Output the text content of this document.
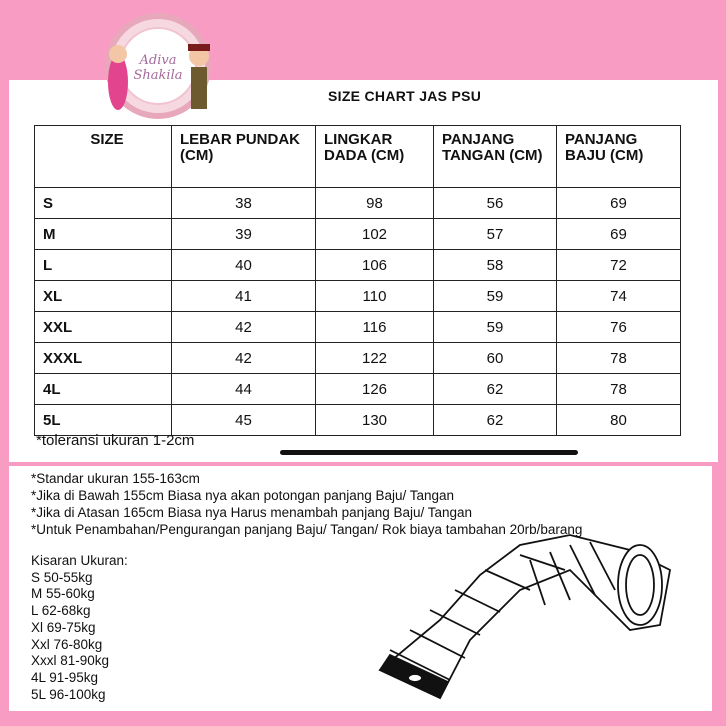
Adiva
Shakila
SIZE CHART JAS PSU
SIZE	LEBAR PUNDAK (CM)	LINGKAR DADA (CM)	PANJANG TANGAN (CM)	PANJANG BAJU (CM)
S	38	98	56	69
M	39	102	57	69
L	40	106	58	72
XL	41	110	59	74
XXL	42	116	59	76
XXXL	42	122	60	78
4L	44	126	62	78
5L	45	130	62	80
*toleransi ukuran 1-2cm
*Standar ukuran 155-163cm
*Jika di Bawah 155cm Biasa nya akan potongan panjang Baju/ Tangan
*Jika di Atasan 165cm Biasa nya Harus menambah panjang Baju/ Tangan
*Untuk Penambahan/Pengurangan panjang Baju/ Tangan/ Rok biaya tambahan 20rb/barang
Kisaran Ukuran:
S 50-55kg
M 55-60kg
L 62-68kg
Xl 69-75kg
Xxl 76-80kg
Xxxl 81-90kg
4L 91-95kg
5L 96-100kg
